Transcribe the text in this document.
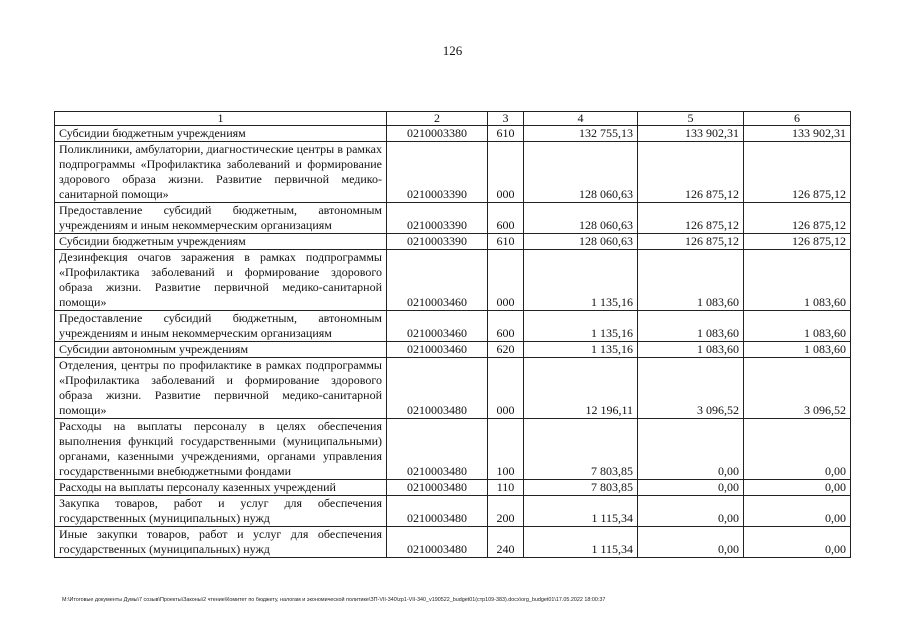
126
1	2	3	4	5	6
Субсидии бюджетным учреждениям	0210003380	610	132 755,13	133 902,31	133 902,31
Поликлиники, амбулатории, диагностические центры в рамках подпрограммы «Профилактика заболеваний и формирование здорового образа жизни. Развитие первичной медико-санитарной помощи»	0210003390	000	128 060,63	126 875,12	126 875,12
Предоставление субсидий бюджетным, автономным учреждениям и иным некоммерческим организациям	0210003390	600	128 060,63	126 875,12	126 875,12
Субсидии бюджетным учреждениям	0210003390	610	128 060,63	126 875,12	126 875,12
Дезинфекция очагов заражения в рамках подпрограммы «Профилактика заболеваний и формирование здорового образа жизни. Развитие первичной медико-санитарной помощи»	0210003460	000	1 135,16	1 083,60	1 083,60
Предоставление субсидий бюджетным, автономным учреждениям и иным некоммерческим организациям	0210003460	600	1 135,16	1 083,60	1 083,60
Субсидии автономным учреждениям	0210003460	620	1 135,16	1 083,60	1 083,60
Отделения, центры по профилактике в рамках подпрограммы «Профилактика заболеваний и формирование здорового образа жизни. Развитие первичной медико-санитарной помощи»	0210003480	000	12 196,11	3 096,52	3 096,52
Расходы на выплаты персоналу в целях обеспечения выполнения функций государственными (муниципальными) органами, казенными учреждениями, органами управления государственными внебюджетными фондами	0210003480	100	7 803,85	0,00	0,00
Расходы на выплаты персоналу казенных учреждений	0210003480	110	7 803,85	0,00	0,00
Закупка товаров, работ и услуг для обеспечения государственных (муниципальных) нужд	0210003480	200	1 115,34	0,00	0,00
Иные закупки товаров, работ и услуг для обеспечения государственных (муниципальных) нужд	0210003480	240	1 115,34	0,00	0,00
M:\Итоговые документы Думы\7 созыв\Проекты\Законы\2 чтение\Комитет по бюджету, налогам и экономической политике\ЗП-VII-340\zp1-VII-340_v190522_budget01(стр109-383).docx\org_budget01\17.05.2022 18:00:37
